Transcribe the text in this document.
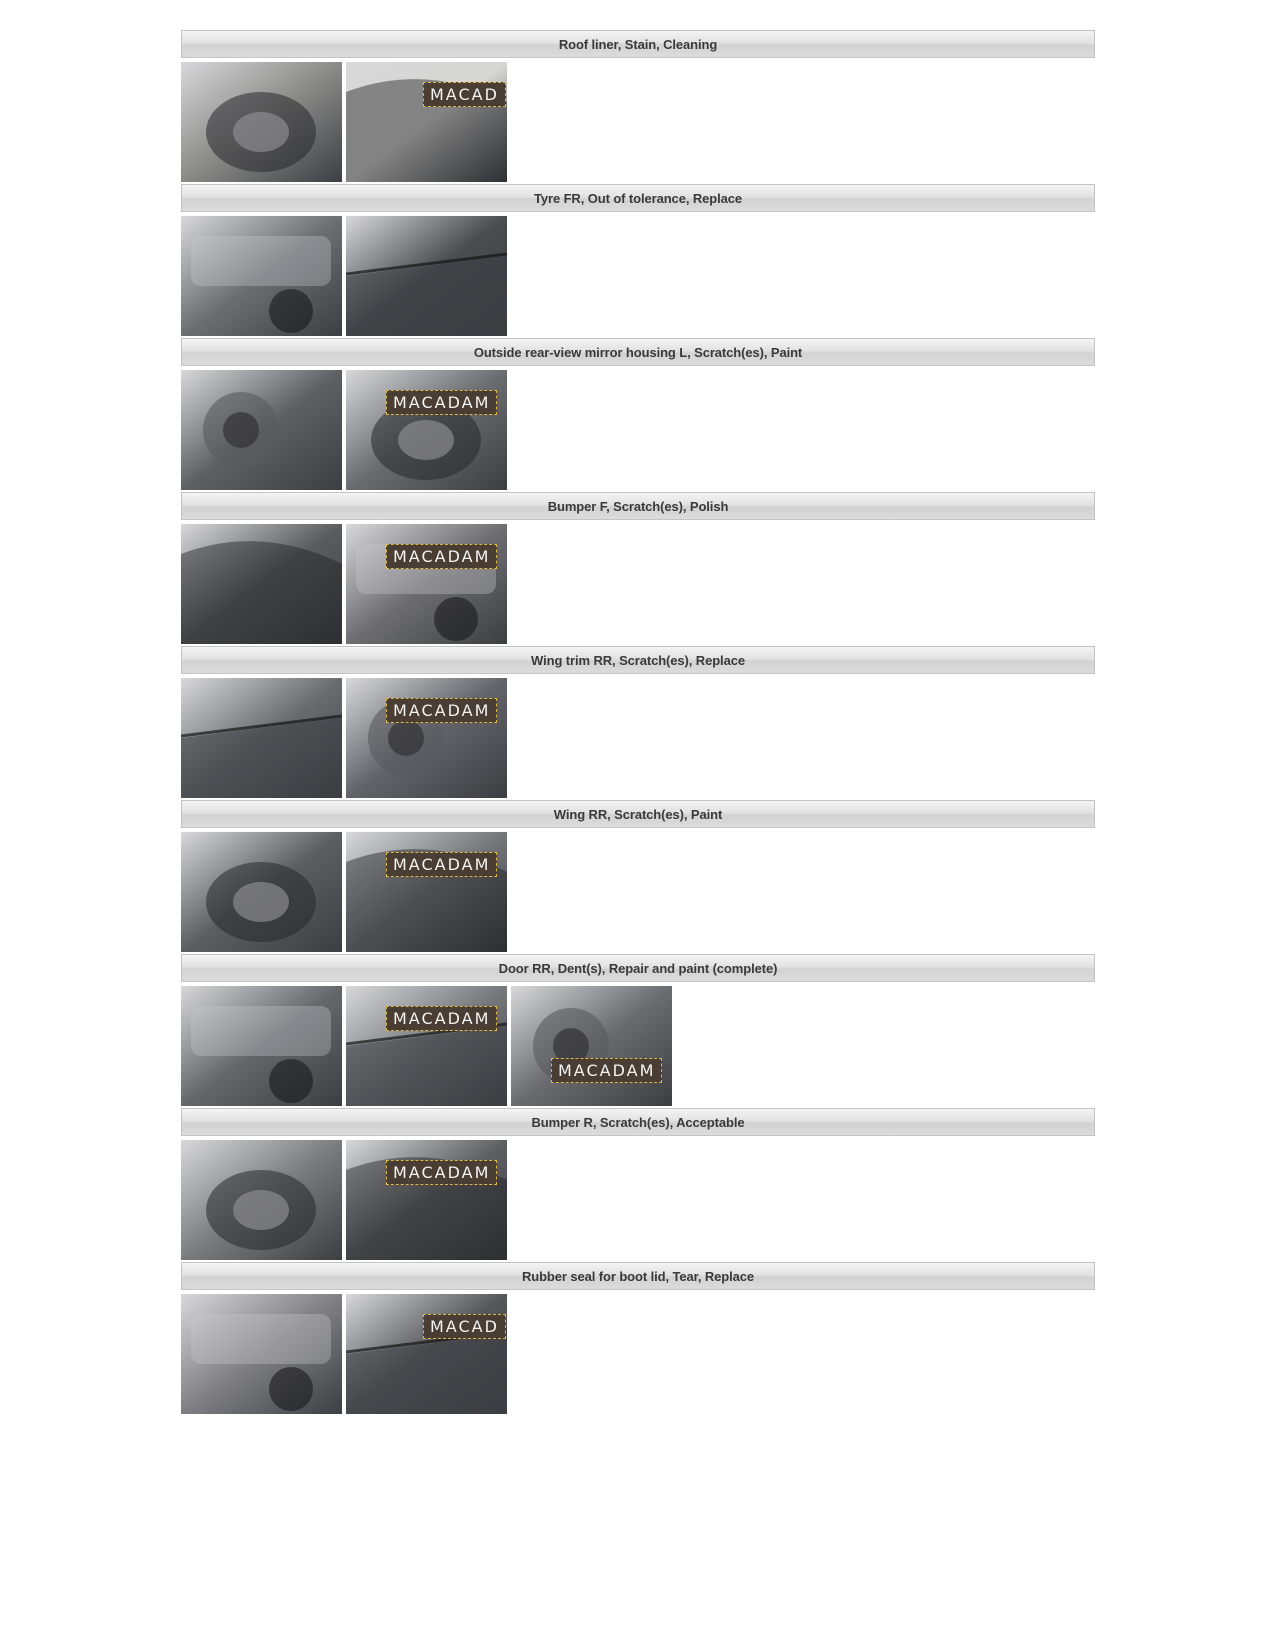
Roof liner, Stain, Cleaning
MACAD
Tyre FR, Out of tolerance, Replace
Outside rear-view mirror housing L, Scratch(es), Paint
MACADAM
Bumper F, Scratch(es), Polish
MACADAM
Wing trim RR, Scratch(es), Replace
MACADAM
Wing RR, Scratch(es), Paint
MACADAM
Door RR, Dent(s), Repair and paint (complete)
MACADAM
MACADAM
Bumper R, Scratch(es), Acceptable
MACADAM
Rubber seal for boot lid, Tear, Replace
MACAD
